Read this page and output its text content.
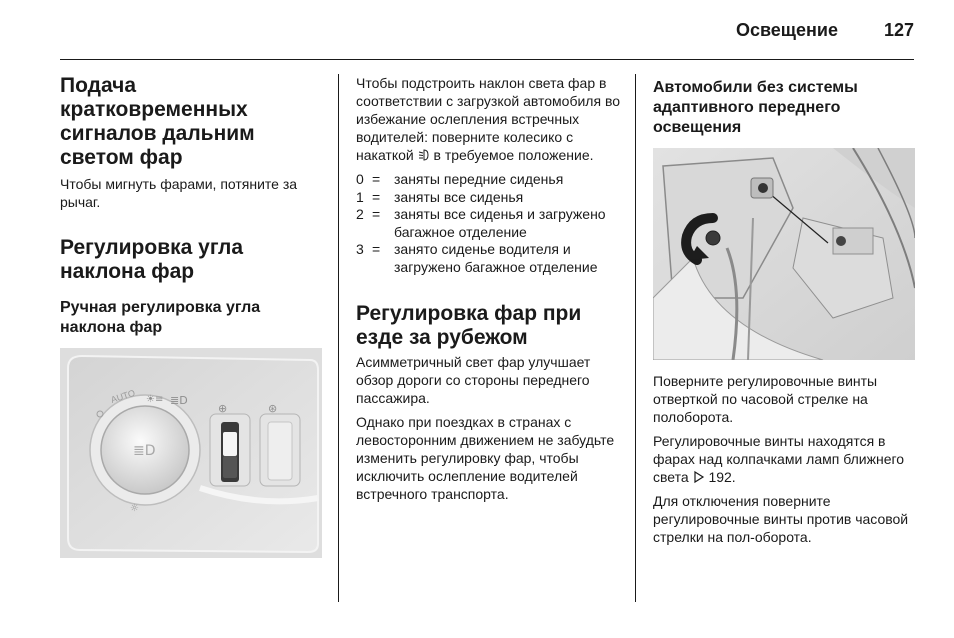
Освещение	127
Подача кратковременных сигналов дальним светом фар

Чтобы мигнуть фарами, потяните за рычаг.

Регулировка угла наклона фар
Ручная регулировка угла наклона фар
AUTO ☀≡ ≣D
≣D
☼
⊕	⊛

Чтобы подстроить наклон света фар в соответствии с загрузкой автомобиля во избежание ослепления встречных водителей: поверните колесико с накаткой в требуемое положение.

0 = заняты передние сиденья
1 = заняты все сиденья
2 = заняты все сиденья и загружено багажное отделение
3 = занято сиденье водителя и загружено багажное отделение
Регулировка фар при езде за рубежом

Асимметричный свет фар улучшает обзор дороги со стороны переднего пассажира.

Однако при поездках в странах с левосторонним движением не забудьте изменить регулировку фар, чтобы исключить ослепление водителей встречного транспорта.

Автомобили без системы адаптивного переднего освещения

Поверните регулировочные винты отверткой по часовой стрелке на полоборота.

Регулировочные винты находятся в фарах над колпачками ламп ближнего света 192.

Для отключения поверните регулировочные винты против часовой стрелки на пол-оборота.
